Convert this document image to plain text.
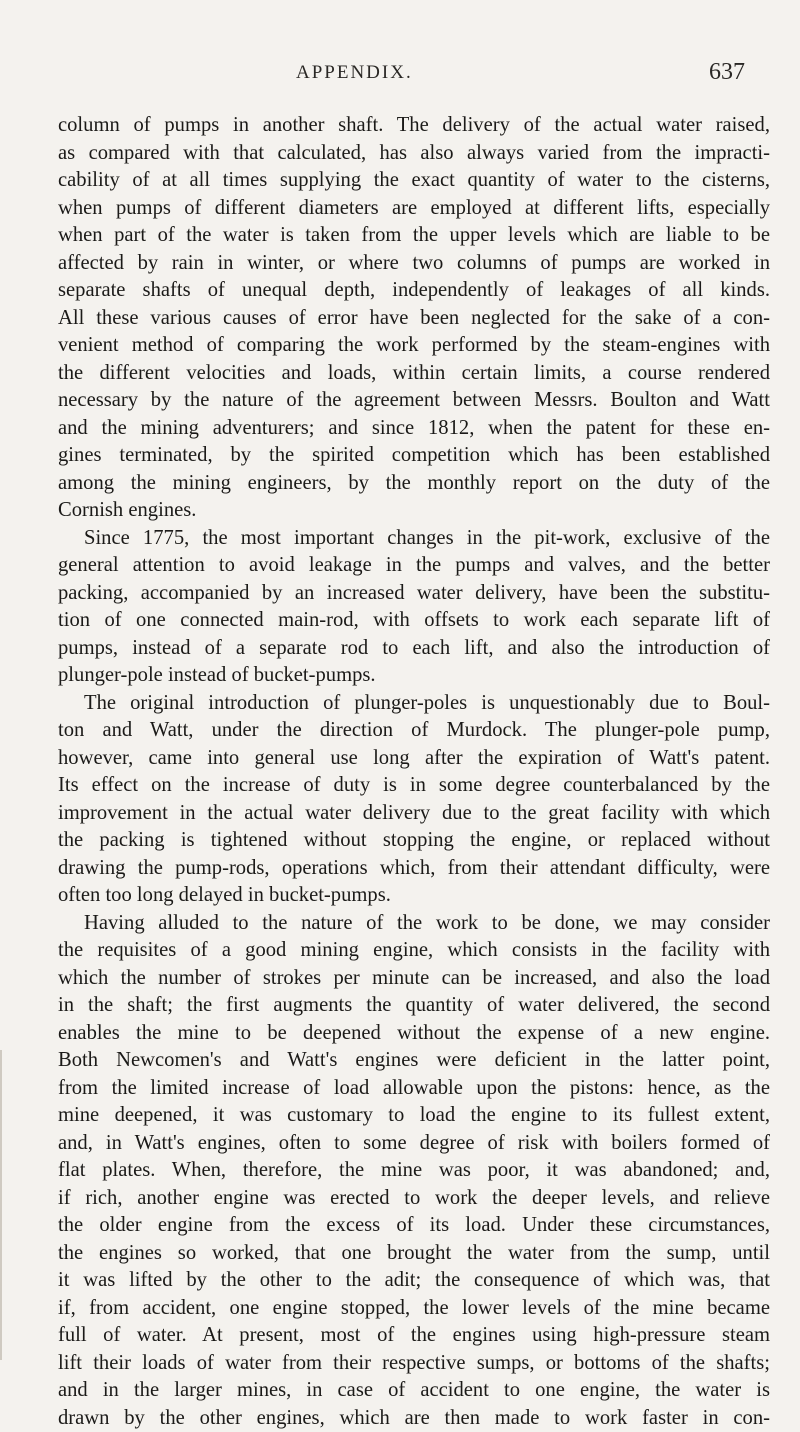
APPENDIX.	637
column of pumps in another shaft. The delivery of the actual water raised,
as compared with that calculated, has also always varied from the impracti-
cability of at all times supplying the exact quantity of water to the cisterns,
when pumps of different diameters are employed at different lifts, especially
when part of the water is taken from the upper levels which are liable to be
affected by rain in winter, or where two columns of pumps are worked in
separate shafts of unequal depth, independently of leakages of all kinds.
All these various causes of error have been neglected for the sake of a con-
venient method of comparing the work performed by the steam-engines with
the different velocities and loads, within certain limits, a course rendered
necessary by the nature of the agreement between Messrs. Boulton and Watt
and the mining adventurers; and since 1812, when the patent for these en-
gines terminated, by the spirited competition which has been established
among the mining engineers, by the monthly report on the duty of the
Cornish engines.
Since 1775, the most important changes in the pit-work, exclusive of the
general attention to avoid leakage in the pumps and valves, and the better
packing, accompanied by an increased water delivery, have been the substitu-
tion of one connected main-rod, with offsets to work each separate lift of
pumps, instead of a separate rod to each lift, and also the introduction of
plunger-pole instead of bucket-pumps.
The original introduction of plunger-poles is unquestionably due to Boul-
ton and Watt, under the direction of Murdock. The plunger-pole pump,
however, came into general use long after the expiration of Watt's patent.
Its effect on the increase of duty is in some degree counterbalanced by the
improvement in the actual water delivery due to the great facility with which
the packing is tightened without stopping the engine, or replaced without
drawing the pump-rods, operations which, from their attendant difficulty, were
often too long delayed in bucket-pumps.
Having alluded to the nature of the work to be done, we may consider
the requisites of a good mining engine, which consists in the facility with
which the number of strokes per minute can be increased, and also the load
in the shaft; the first augments the quantity of water delivered, the second
enables the mine to be deepened without the expense of a new engine.
Both Newcomen's and Watt's engines were deficient in the latter point,
from the limited increase of load allowable upon the pistons: hence, as the
mine deepened, it was customary to load the engine to its fullest extent,
and, in Watt's engines, often to some degree of risk with boilers formed of
flat plates. When, therefore, the mine was poor, it was abandoned; and,
if rich, another engine was erected to work the deeper levels, and relieve
the older engine from the excess of its load. Under these circumstances,
the engines so worked, that one brought the water from the sump, until
it was lifted by the other to the adit; the consequence of which was, that
if, from accident, one engine stopped, the lower levels of the mine became
full of water. At present, most of the engines using high-pressure steam
lift their loads of water from their respective sumps, or bottoms of the shafts;
and in the larger mines, in case of accident to one engine, the water is
drawn by the other engines, which are then made to work faster in con-
